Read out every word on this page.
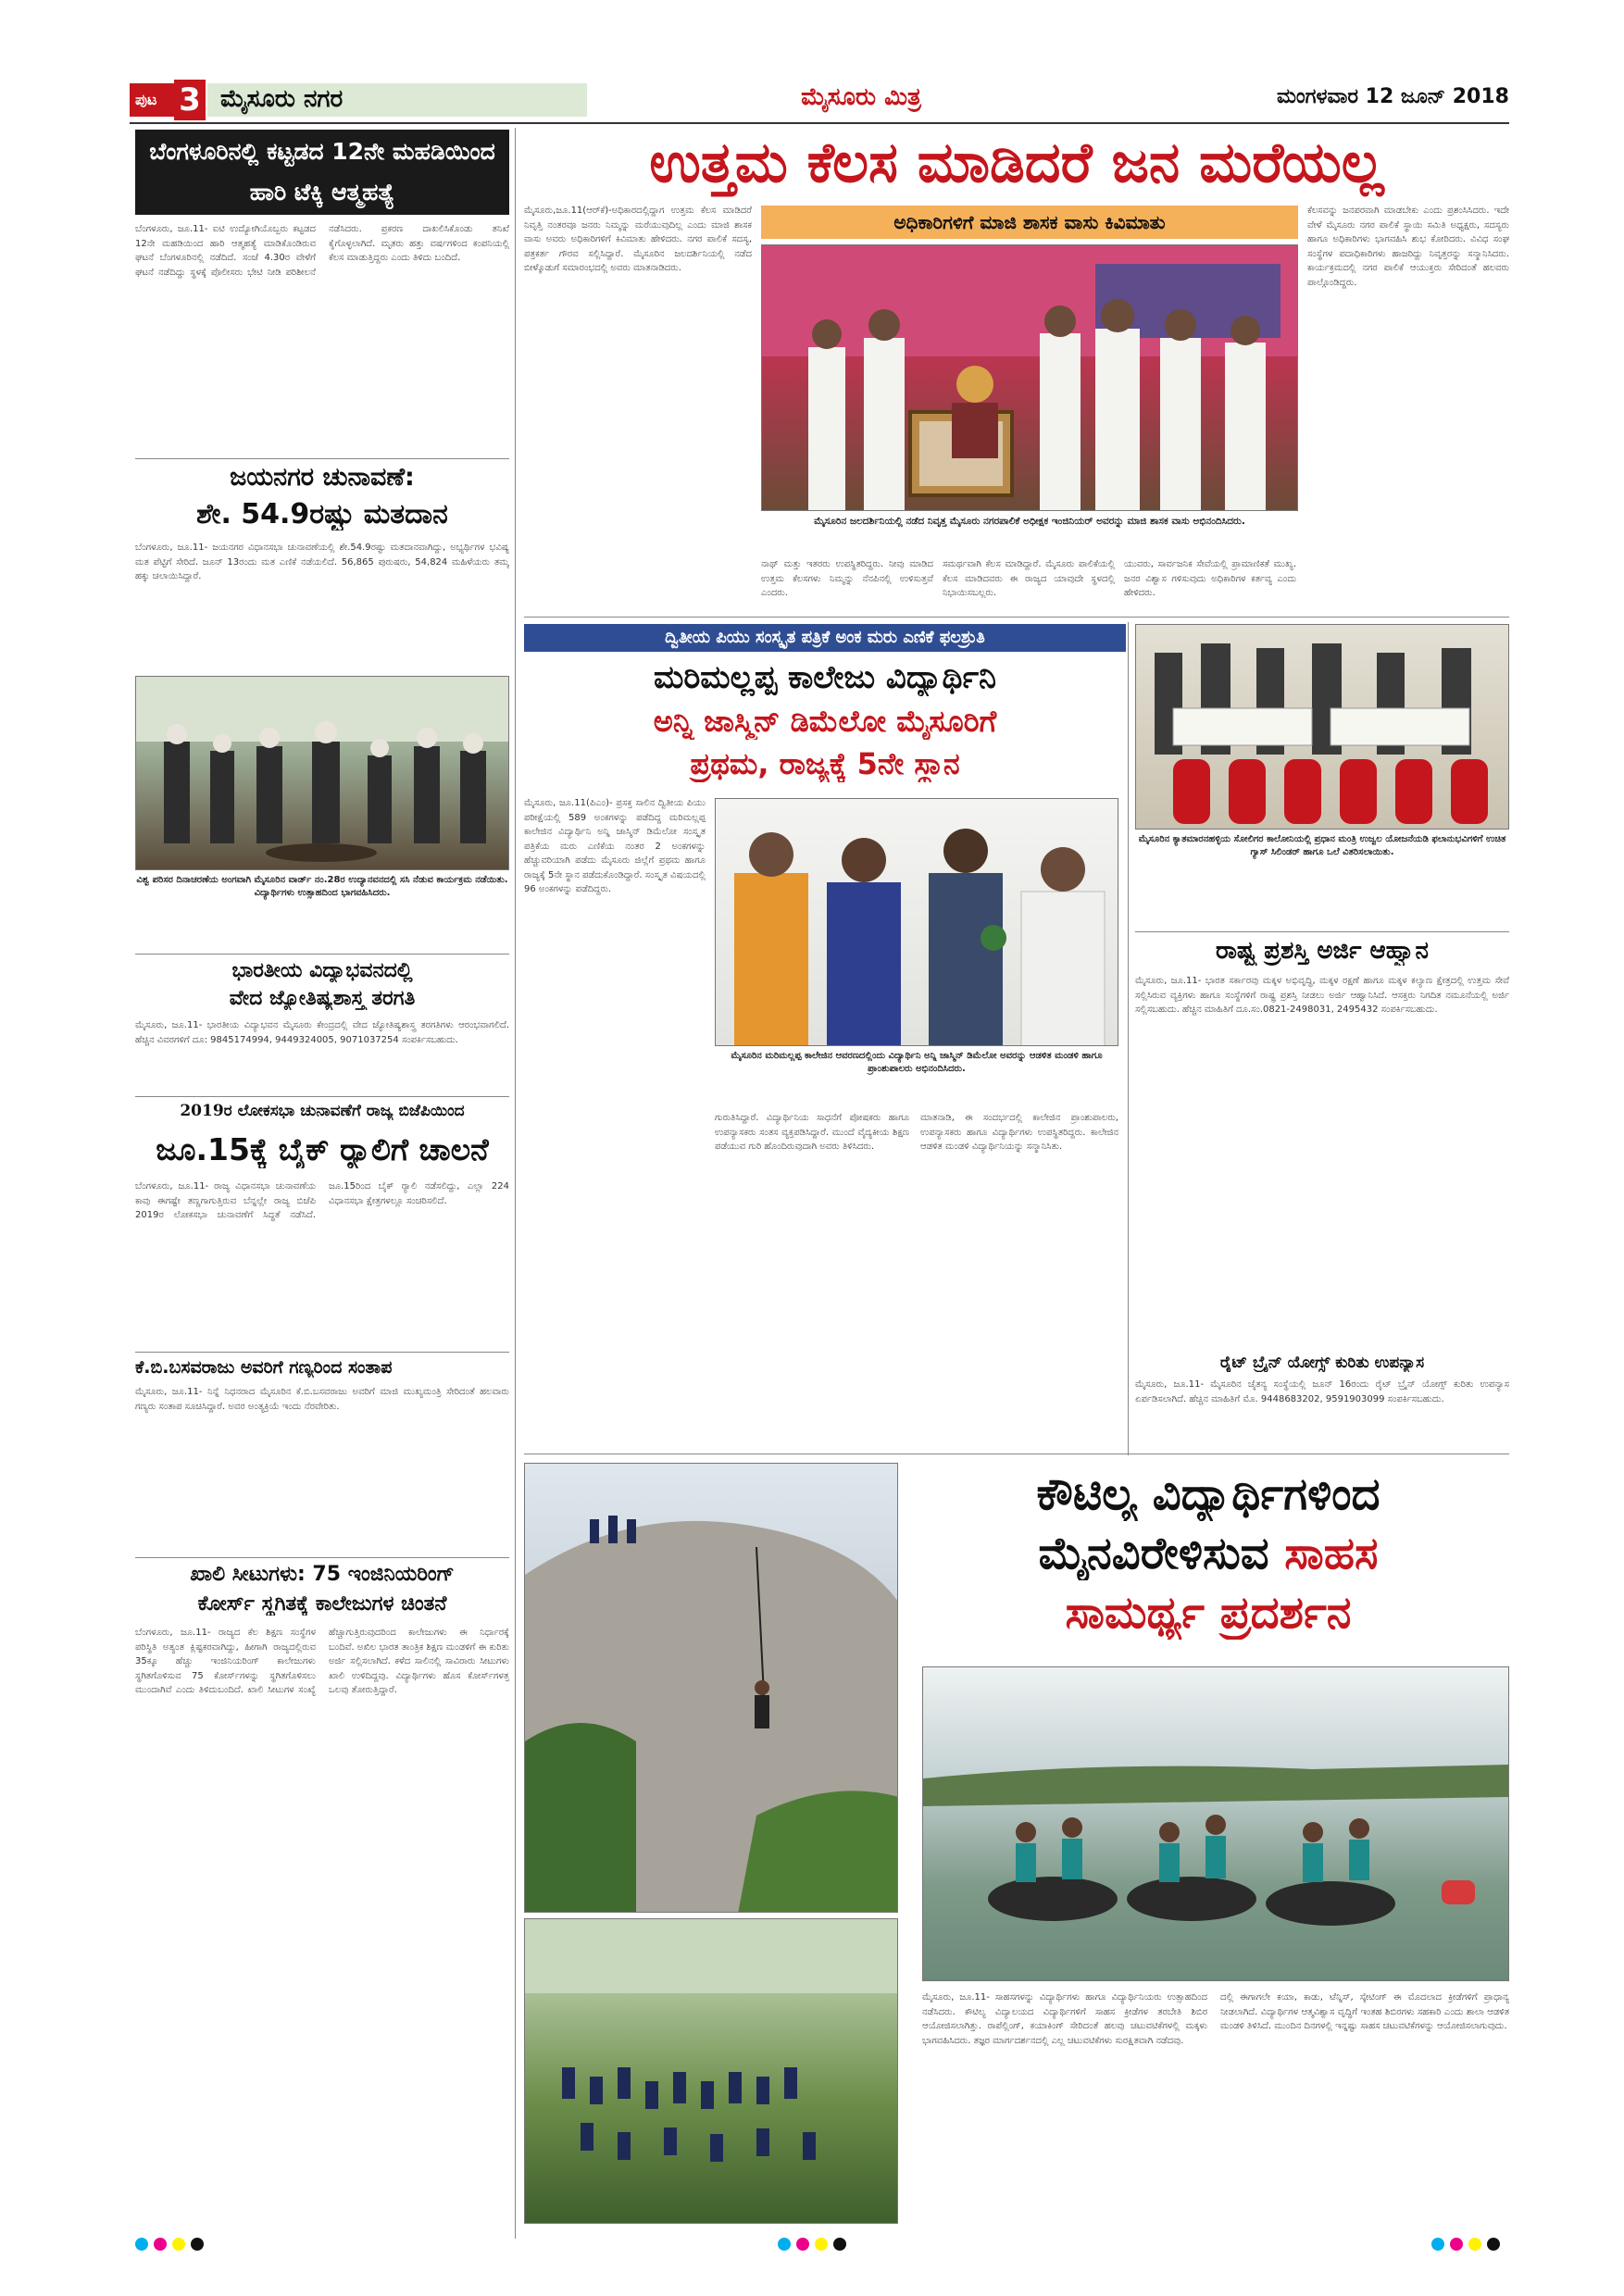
ಪುಟ 3 ಮೈಸೂರು ನಗರ	ಮೈಸೂರು ಮಿತ್ರ	ಮಂಗಳವಾರ 12 ಜೂನ್ 2018
ಬೆಂಗಳೂರಿನಲ್ಲಿ ಕಟ್ಟಡದ 12ನೇ ಮಹಡಿಯಿಂದ ಹಾರಿ ಟೆಕ್ಕಿ ಆತ್ಮಹತ್ಯೆ
ಬೆಂಗಳೂರು, ಜೂ.11- ಐಟಿ ಉದ್ಯೋಗಿಯೊಬ್ಬರು ಕಟ್ಟಡದ 12ನೇ ಮಹಡಿಯಿಂದ ಹಾರಿ ಆತ್ಮಹತ್ಯೆ ಮಾಡಿಕೊಂಡಿರುವ ಘಟನೆ ಬೆಂಗಳೂರಿನಲ್ಲಿ ನಡೆದಿದೆ. ಸಂಜೆ 4.30ರ ವೇಳೆಗೆ ಘಟನೆ ನಡೆದಿದ್ದು ಸ್ಥಳಕ್ಕೆ ಪೊಲೀಸರು ಭೇಟಿ ನೀಡಿ ಪರಿಶೀಲನೆ ನಡೆಸಿದರು. ಪ್ರಕರಣ ದಾಖಲಿಸಿಕೊಂಡು ತನಿಖೆ ಕೈಗೊಳ್ಳಲಾಗಿದೆ. ಮೃತರು ಹತ್ತು ವರ್ಷಗಳಿಂದ ಕಂಪನಿಯಲ್ಲಿ ಕೆಲಸ ಮಾಡುತ್ತಿದ್ದರು ಎಂದು ತಿಳಿದು ಬಂದಿದೆ.
ಜಯನಗರ ಚುನಾವಣೆ:
ಶೇ. 54.9ರಷ್ಟು ಮತದಾನ
ಬೆಂಗಳೂರು, ಜೂ.11- ಜಯನಗರ ವಿಧಾನಸಭಾ ಚುನಾವಣೆಯಲ್ಲಿ ಶೇ.54.9ರಷ್ಟು ಮತದಾನವಾಗಿದ್ದು, ಅಭ್ಯರ್ಥಿಗಳ ಭವಿಷ್ಯ ಮತ ಪೆಟ್ಟಿಗೆ ಸೇರಿದೆ. ಜೂನ್ 13ರಂದು ಮತ ಎಣಿಕೆ ನಡೆಯಲಿದೆ. 56,865 ಪುರುಷರು, 54,824 ಮಹಿಳೆಯರು ತಮ್ಮ ಹಕ್ಕು ಚಲಾಯಿಸಿದ್ದಾರೆ.
ವಿಶ್ವ ಪರಿಸರ ದಿನಾಚರಣೆಯ ಅಂಗವಾಗಿ ಮೈಸೂರಿನ ವಾರ್ಡ್ ನಂ.28ರ ಉದ್ಯಾನವನದಲ್ಲಿ ಸಸಿ ನೆಡುವ ಕಾರ್ಯಕ್ರಮ ನಡೆಯಿತು. ವಿದ್ಯಾರ್ಥಿಗಳು ಉತ್ಸಾಹದಿಂದ ಭಾಗವಹಿಸಿದರು.
ಭಾರತೀಯ ವಿದ್ಯಾಭವನದಲ್ಲಿ
ವೇದ ಜ್ಯೋತಿಷ್ಯಶಾಸ್ತ್ರ ತರಗತಿ
ಮೈಸೂರು, ಜೂ.11- ಭಾರತೀಯ ವಿದ್ಯಾಭವನ ಮೈಸೂರು ಕೇಂದ್ರದಲ್ಲಿ ವೇದ ಜ್ಯೋತಿಷ್ಯಶಾಸ್ತ್ರ ತರಗತಿಗಳು ಆರಂಭವಾಗಲಿದೆ. ಹೆಚ್ಚಿನ ವಿವರಗಳಿಗೆ ದೂ: 9845174994, 9449324005, 9071037254 ಸಂಪರ್ಕಿಸಬಹುದು.
2019ರ ಲೋಕಸಭಾ ಚುನಾವಣೆಗೆ ರಾಜ್ಯ ಬಿಜೆಪಿಯಿಂದ
ಜೂ.15ಕ್ಕೆ ಬೈಕ್ ರ‍್ಯಾಲಿಗೆ ಚಾಲನೆ
ಬೆಂಗಳೂರು, ಜೂ.11- ರಾಜ್ಯ ವಿಧಾನಸಭಾ ಚುನಾವಣೆಯ ಕಾವು ಈಗಷ್ಟೇ ತಣ್ಣಗಾಗುತ್ತಿರುವ ಬೆನ್ನಲ್ಲೇ ರಾಜ್ಯ ಬಿಜೆಪಿ 2019ರ ಲೋಕಸಭಾ ಚುನಾವಣೆಗೆ ಸಿದ್ಧತೆ ನಡೆಸಿದೆ. ಜೂ.15ರಿಂದ ಬೈಕ್ ರ‍್ಯಾಲಿ ನಡೆಸಲಿದ್ದು, ಎಲ್ಲಾ 224 ವಿಧಾನಸಭಾ ಕ್ಷೇತ್ರಗಳಲ್ಲೂ ಸಂಚರಿಸಲಿದೆ.
ಕೆ.ಬಿ.ಬಸವರಾಜು ಅವರಿಗೆ ಗಣ್ಯರಿಂದ ಸಂತಾಪ
ಮೈಸೂರು, ಜೂ.11- ನಿನ್ನೆ ನಿಧನರಾದ ಮೈಸೂರಿನ ಕೆ.ಬಿ.ಬಸವರಾಜು ಅವರಿಗೆ ಮಾಜಿ ಮುಖ್ಯಮಂತ್ರಿ ಸೇರಿದಂತೆ ಹಲವಾರು ಗಣ್ಯರು ಸಂತಾಪ ಸೂಚಿಸಿದ್ದಾರೆ. ಅವರ ಅಂತ್ಯಕ್ರಿಯೆ ಇಂದು ನೆರವೇರಿತು.
ಖಾಲಿ ಸೀಟುಗಳು: 75 ಇಂಜಿನಿಯರಿಂಗ್
ಕೋರ್ಸ್ ಸ್ಥಗಿತಕ್ಕೆ ಕಾಲೇಜುಗಳ ಚಿಂತನೆ
ಬೆಂಗಳೂರು, ಜೂ.11- ರಾಜ್ಯದ ಕೆಲ ಶಿಕ್ಷಣ ಸಂಸ್ಥೆಗಳ ಪರಿಸ್ಥಿತಿ ಅತ್ಯಂತ ಕ್ಲಿಷ್ಟಕರವಾಗಿದ್ದು, ಹೀಗಾಗಿ ರಾಜ್ಯದಲ್ಲಿರುವ 35ಕ್ಕೂ ಹೆಚ್ಚು ಇಂಜಿನಿಯರಿಂಗ್ ಕಾಲೇಜುಗಳು ಸ್ಥಗಿತಗೊಳಿಸುವ 75 ಕೋರ್ಸ್‌ಗಳನ್ನು ಸ್ಥಗಿತಗೊಳಿಸಲು ಮುಂದಾಗಿವೆ ಎಂದು ತಿಳಿದುಬಂದಿದೆ. ಖಾಲಿ ಸೀಟುಗಳ ಸಂಖ್ಯೆ ಹೆಚ್ಚಾಗುತ್ತಿರುವುದರಿಂದ ಕಾಲೇಜುಗಳು ಈ ನಿರ್ಧಾರಕ್ಕೆ ಬಂದಿವೆ. ಅಖಿಲ ಭಾರತ ತಾಂತ್ರಿಕ ಶಿಕ್ಷಣ ಮಂಡಳಿಗೆ ಈ ಕುರಿತು ಅರ್ಜಿ ಸಲ್ಲಿಸಲಾಗಿದೆ. ಕಳೆದ ಸಾಲಿನಲ್ಲಿ ಸಾವಿರಾರು ಸೀಟುಗಳು ಖಾಲಿ ಉಳಿದಿದ್ದವು. ವಿದ್ಯಾರ್ಥಿಗಳು ಹೊಸ ಕೋರ್ಸ್‌ಗಳತ್ತ ಒಲವು ತೋರುತ್ತಿದ್ದಾರೆ.
ಉತ್ತಮ ಕೆಲಸ ಮಾಡಿದರೆ ಜನ ಮರೆಯಲ್ಲ
ಮೈಸೂರು,ಜೂ.11(ಆರ್‌ಕೆ)-ಅಧಿಕಾರದಲ್ಲಿದ್ದಾಗ ಉತ್ತಮ ಕೆಲಸ ಮಾಡಿದರೆ ನಿವೃತ್ತಿ ನಂತರವೂ ಜನರು ನಿಮ್ಮನ್ನು ಮರೆಯುವುದಿಲ್ಲ ಎಂದು ಮಾಜಿ ಶಾಸಕ ವಾಸು ಅವರು ಅಧಿಕಾರಿಗಳಿಗೆ ಕಿವಿಮಾತು ಹೇಳಿದರು. ನಗರ ಪಾಲಿಕೆ ಸದಸ್ಯ, ಪತ್ರಕರ್ತ ಗೌರವ ಸಲ್ಲಿಸಿದ್ದಾರೆ. ಮೈಸೂರಿನ ಜಲದರ್ಶಿನಿಯಲ್ಲಿ ನಡೆದ ಬೀಳ್ಕೊಡುಗೆ ಸಮಾರಂಭದಲ್ಲಿ ಅವರು ಮಾತನಾಡಿದರು.
ಅಧಿಕಾರಿಗಳಿಗೆ ಮಾಜಿ ಶಾಸಕ ವಾಸು ಕಿವಿಮಾತು
ಮೈಸೂರಿನ ಜಲದರ್ಶಿನಿಯಲ್ಲಿ ನಡೆದ ನಿವೃತ್ತ ಮೈಸೂರು ನಗರಪಾಲಿಕೆ ಅಧೀಕ್ಷಕ ಇಂಜಿನಿಯರ್ ಅವರನ್ನು ಮಾಜಿ ಶಾಸಕ ವಾಸು ಅಭಿನಂದಿಸಿದರು.
ನಾಥ್ ಮತ್ತು ಇತರರು ಉಪಸ್ಥಿತರಿದ್ದರು. ನೀವು ಮಾಡಿದ ಉತ್ತಮ ಕೆಲಸಗಳು ನಿಮ್ಮನ್ನು ನೆನಪಿನಲ್ಲಿ ಉಳಿಸುತ್ತವೆ ಎಂದರು.
ಸಮರ್ಥವಾಗಿ ಕೆಲಸ ಮಾಡಿದ್ದಾರೆ. ಮೈಸೂರು ಪಾಲಿಕೆಯಲ್ಲಿ ಕೆಲಸ ಮಾಡಿದವರು ಈ ರಾಜ್ಯದ ಯಾವುದೇ ಸ್ಥಳದಲ್ಲಿ ನಿಭಾಯಿಸಬಲ್ಲರು.
ಯುವರು, ಸಾರ್ವಜನಿಕ ಸೇವೆಯಲ್ಲಿ ಪ್ರಾಮಾಣಿಕತೆ ಮುಖ್ಯ. ಜನರ ವಿಶ್ವಾಸ ಗಳಿಸುವುದು ಅಧಿಕಾರಿಗಳ ಕರ್ತವ್ಯ ಎಂದು ಹೇಳಿದರು.
ಕೆಲಸವನ್ನು ಜನಪರವಾಗಿ ಮಾಡಬೇಕು ಎಂದು ಪ್ರಶಂಸಿಸಿದರು. ಇದೇ ವೇಳೆ ಮೈಸೂರು ನಗರ ಪಾಲಿಕೆ ಸ್ಥಾಯಿ ಸಮಿತಿ ಅಧ್ಯಕ್ಷರು, ಸದಸ್ಯರು ಹಾಗೂ ಅಧಿಕಾರಿಗಳು ಭಾಗವಹಿಸಿ ಶುಭ ಕೋರಿದರು. ವಿವಿಧ ಸಂಘ ಸಂಸ್ಥೆಗಳ ಪದಾಧಿಕಾರಿಗಳು ಹಾಜರಿದ್ದು ನಿವೃತ್ತರನ್ನು ಸನ್ಮಾನಿಸಿದರು. ಕಾರ್ಯಕ್ರಮದಲ್ಲಿ ನಗರ ಪಾಲಿಕೆ ಆಯುಕ್ತರು ಸೇರಿದಂತೆ ಹಲವರು ಪಾಲ್ಗೊಂಡಿದ್ದರು.
ದ್ವಿತೀಯ ಪಿಯು ಸಂಸ್ಕೃತ ಪತ್ರಿಕೆ ಅಂಕ ಮರು ಎಣಿಕೆ ಫಲಶ್ರುತಿ
ಮರಿಮಲ್ಲಪ್ಪ ಕಾಲೇಜು ವಿದ್ಯಾರ್ಥಿನಿ
ಅನ್ನಿ ಜಾಸ್ಮಿನ್ ಡಿಮೆಲೋ ಮೈಸೂರಿಗೆ
ಪ್ರಥಮ, ರಾಜ್ಯಕ್ಕೆ 5ನೇ ಸ್ಥಾನ
ಮೈಸೂರು, ಜೂ.11(ಪಿಎಂ)- ಪ್ರಸಕ್ತ ಸಾಲಿನ ದ್ವಿತೀಯ ಪಿಯು ಪರೀಕ್ಷೆಯಲ್ಲಿ 589 ಅಂಕಗಳನ್ನು ಪಡೆದಿದ್ದ ಮರಿಮಲ್ಲಪ್ಪ ಕಾಲೇಜಿನ ವಿದ್ಯಾರ್ಥಿನಿ ಅನ್ನಿ ಜಾಸ್ಮಿನ್ ಡಿಮೆಲೋ ಸಂಸ್ಕೃತ ಪತ್ರಿಕೆಯ ಮರು ಎಣಿಕೆಯ ನಂತರ 2 ಅಂಕಗಳನ್ನು ಹೆಚ್ಚುವರಿಯಾಗಿ ಪಡೆದು ಮೈಸೂರು ಜಿಲ್ಲೆಗೆ ಪ್ರಥಮ ಹಾಗೂ ರಾಜ್ಯಕ್ಕೆ 5ನೇ ಸ್ಥಾನ ಪಡೆದುಕೊಂಡಿದ್ದಾರೆ. ಸಂಸ್ಕೃತ ವಿಷಯದಲ್ಲಿ 96 ಅಂಕಗಳನ್ನು ಪಡೆದಿದ್ದರು.
ಮೈಸೂರಿನ ಮರಿಮಲ್ಲಪ್ಪ ಕಾಲೇಜಿನ ಆವರಣದಲ್ಲಿಂದು ವಿದ್ಯಾರ್ಥಿನಿ ಅನ್ನಿ ಜಾಸ್ಮಿನ್ ಡಿಮೆಲೋ ಅವರನ್ನು ಆಡಳಿತ ಮಂಡಳಿ ಹಾಗೂ ಪ್ರಾಂಶುಪಾಲರು ಅಭಿನಂದಿಸಿದರು.
ಗುರುತಿಸಿದ್ದಾರೆ. ವಿದ್ಯಾರ್ಥಿನಿಯ ಸಾಧನೆಗೆ ಪೋಷಕರು ಹಾಗೂ ಉಪನ್ಯಾಸಕರು ಸಂತಸ ವ್ಯಕ್ತಪಡಿಸಿದ್ದಾರೆ. ಮುಂದೆ ವೈದ್ಯಕೀಯ ಶಿಕ್ಷಣ ಪಡೆಯುವ ಗುರಿ ಹೊಂದಿರುವುದಾಗಿ ಅವರು ತಿಳಿಸಿದರು.
ಮಾತನಾಡಿ, ಈ ಸಂದರ್ಭದಲ್ಲಿ ಕಾಲೇಜಿನ ಪ್ರಾಂಶುಪಾಲರು, ಉಪನ್ಯಾಸಕರು ಹಾಗೂ ವಿದ್ಯಾರ್ಥಿಗಳು ಉಪಸ್ಥಿತರಿದ್ದರು. ಕಾಲೇಜಿನ ಆಡಳಿತ ಮಂಡಳಿ ವಿದ್ಯಾರ್ಥಿನಿಯನ್ನು ಸನ್ಮಾನಿಸಿತು.
ಮೈಸೂರಿನ ಕ್ಯಾತಮಾರನಹಳ್ಳಿಯ ಸೋಲಿಗರ ಕಾಲೋನಿಯಲ್ಲಿ ಪ್ರಧಾನ ಮಂತ್ರಿ ಉಜ್ವಲ ಯೋಜನೆಯಡಿ ಫಲಾನುಭವಿಗಳಿಗೆ ಉಚಿತ ಗ್ಯಾಸ್ ಸಿಲಿಂಡರ್ ಹಾಗೂ ಒಲೆ ವಿತರಿಸಲಾಯಿತು.
ರಾಷ್ಟ್ರ ಪ್ರಶಸ್ತಿ ಅರ್ಜಿ ಆಹ್ವಾನ
ಮೈಸೂರು, ಜೂ.11- ಭಾರತ ಸರ್ಕಾರವು ಮಕ್ಕಳ ಅಭಿವೃದ್ಧಿ, ಮಕ್ಕಳ ರಕ್ಷಣೆ ಹಾಗೂ ಮಕ್ಕಳ ಕಲ್ಯಾಣ ಕ್ಷೇತ್ರದಲ್ಲಿ ಉತ್ತಮ ಸೇವೆ ಸಲ್ಲಿಸಿರುವ ವ್ಯಕ್ತಿಗಳು ಹಾಗೂ ಸಂಸ್ಥೆಗಳಿಗೆ ರಾಷ್ಟ್ರ ಪ್ರಶಸ್ತಿ ನೀಡಲು ಅರ್ಜಿ ಆಹ್ವಾನಿಸಿದೆ. ಆಸಕ್ತರು ನಿಗದಿತ ನಮೂನೆಯಲ್ಲಿ ಅರ್ಜಿ ಸಲ್ಲಿಸಬಹುದು. ಹೆಚ್ಚಿನ ಮಾಹಿತಿಗೆ ದೂ.ಸಂ.0821-2498031, 2495432 ಸಂಪರ್ಕಿಸಬಹುದು.
ರೈಟ್ ಬ್ರೈನ್ ಯೋಗ್ಸ್ ಕುರಿತು ಉಪನ್ಯಾಸ
ಮೈಸೂರು, ಜೂ.11- ಮೈಸೂರಿನ ಚೈತನ್ಯ ಸಂಸ್ಥೆಯಲ್ಲಿ ಜೂನ್ 16ರಂದು ರೈಟ್ ಬ್ರೈನ್ ಯೋಗ್ಸ್ ಕುರಿತು ಉಪನ್ಯಾಸ ಏರ್ಪಡಿಸಲಾಗಿದೆ. ಹೆಚ್ಚಿನ ಮಾಹಿತಿಗೆ ಮೊ. 9448683202, 9591903099 ಸಂಪರ್ಕಿಸಬಹುದು.
ಕೌಟಿಲ್ಯ ವಿದ್ಯಾರ್ಥಿಗಳಿಂದ
ಮೈನವಿರೇಳಿಸುವ ಸಾಹಸ
ಸಾಮರ್ಥ್ಯ ಪ್ರದರ್ಶನ
ಮೈಸೂರು, ಜೂ.11- ಸಾಹಸಗಳನ್ನು ವಿದ್ಯಾರ್ಥಿಗಳು ಹಾಗೂ ವಿದ್ಯಾರ್ಥಿನಿಯರು ಉತ್ಸಾಹದಿಂದ ನಡೆಸಿದರು. ಕೌಟಿಲ್ಯ ವಿದ್ಯಾಲಯದ ವಿದ್ಯಾರ್ಥಿಗಳಿಗೆ ಸಾಹಸ ಕ್ರೀಡೆಗಳ ತರಬೇತಿ ಶಿಬಿರ ಆಯೋಜಿಸಲಾಗಿತ್ತು. ರಾಪೆಲ್ಲಿಂಗ್, ಕಯಾಕಿಂಗ್ ಸೇರಿದಂತೆ ಹಲವು ಚಟುವಟಿಕೆಗಳಲ್ಲಿ ಮಕ್ಕಳು ಭಾಗವಹಿಸಿದರು. ತಜ್ಞರ ಮಾರ್ಗದರ್ಶನದಲ್ಲಿ ಎಲ್ಲ ಚಟುವಟಿಕೆಗಳು ಸುರಕ್ಷಿತವಾಗಿ ನಡೆದವು.
ದಲ್ಲಿ ಈಗಾಗಲೇ ಕಯಾ, ಕಾಡು, ಟೆನ್ನಿಸ್, ಸ್ಕೇಟಿಂಗ್ ಈ ಮೊದಲಾದ ಕ್ರೀಡೆಗಳಿಗೆ ಪ್ರಾಧಾನ್ಯ ನೀಡಲಾಗಿದೆ. ವಿದ್ಯಾರ್ಥಿಗಳ ಆತ್ಮವಿಶ್ವಾಸ ವೃದ್ಧಿಗೆ ಇಂತಹ ಶಿಬಿರಗಳು ಸಹಕಾರಿ ಎಂದು ಶಾಲಾ ಆಡಳಿತ ಮಂಡಳಿ ತಿಳಿಸಿದೆ. ಮುಂದಿನ ದಿನಗಳಲ್ಲಿ ಇನ್ನಷ್ಟು ಸಾಹಸ ಚಟುವಟಿಕೆಗಳನ್ನು ಆಯೋಜಿಸಲಾಗುವುದು.
